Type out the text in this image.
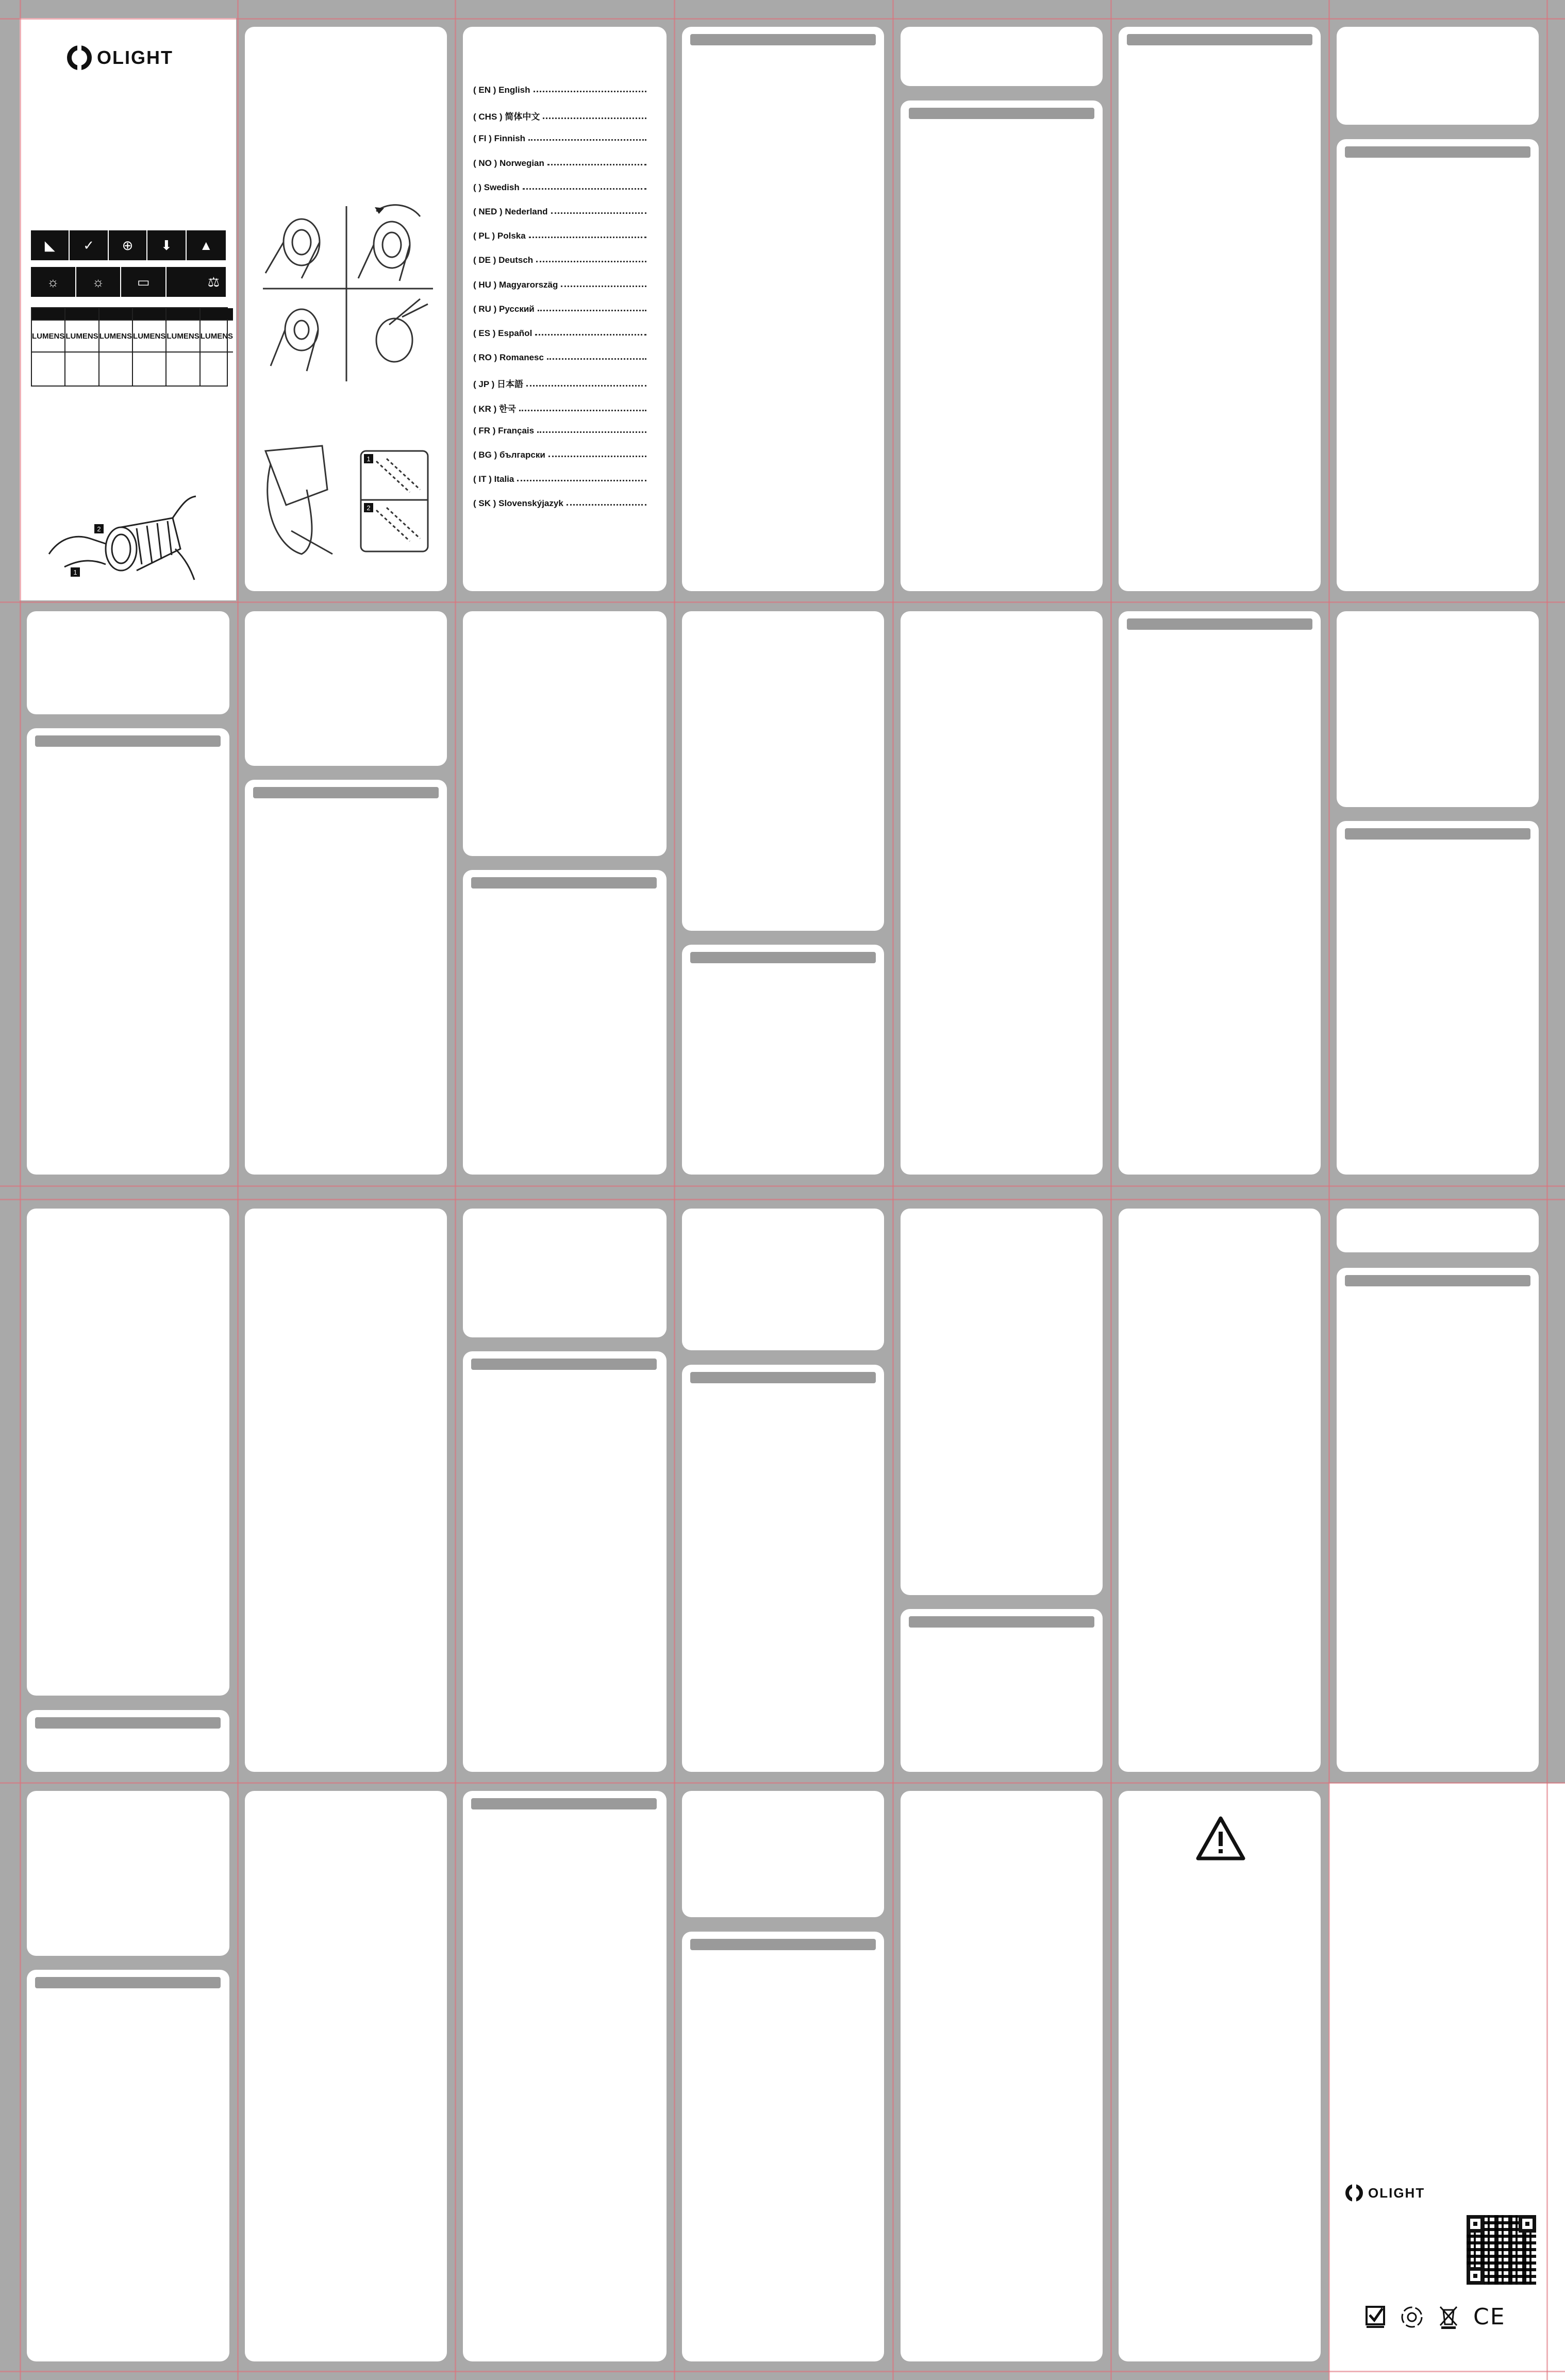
OLIGHT
◣	✓	⊕	⬇	▲
☼	☼	▭	⚖
LUMENS LUMENS LUMENS LUMENS LUMENS LUMENS
2
1
1
2
( EN ) English
( CHS ) 简体中文
( FI ) Finnish
( NO ) Norwegian
( ) Swedish
( NED ) Nederland
( PL ) Polska
( DE ) Deutsch
( HU ) Magyarorszäg
( RU ) Русский
( ES ) Español
( RO ) Romanesc
( JP ) 日本語
( KR ) 한국
( FR ) Français
( BG ) български
( IT ) Italia
( SK ) Slovenskýjazyk
OLIGHT
CE
